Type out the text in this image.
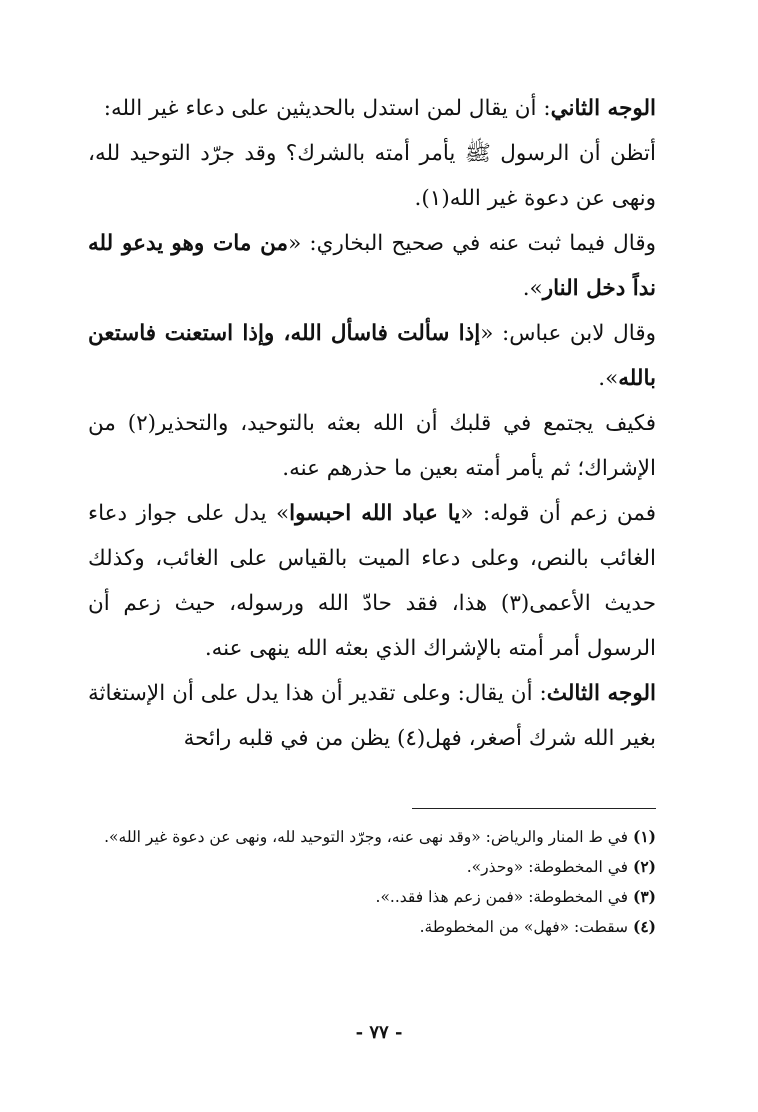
الوجه الثاني: أن يقال لمن استدل بالحديثين على دعاء غير الله:

أتظن أن الرسول ﷺ يأمر أمته بالشرك؟ وقد جرّد التوحيد لله، ونهى عن دعوة غير الله(١).

وقال فيما ثبت عنه في صحيح البخاري: «من مات وهو يدعو لله نداً دخل النار».

وقال لابن عباس: «إذا سألت فاسأل الله، وإذا استعنت فاستعن بالله».

فكيف يجتمع في قلبك أن الله بعثه بالتوحيد، والتحذير(٢) من الإشراك؛ ثم يأمر أمته بعين ما حذرهم عنه.

فمن زعم أن قوله: «يا عباد الله احبسوا» يدل على جواز دعاء الغائب بالنص، وعلى دعاء الميت بالقياس على الغائب، وكذلك حديث الأعمى(٣) هذا، فقد حادّ الله ورسوله، حيث زعم أن الرسول أمر أمته بالإشراك الذي بعثه الله ينهى عنه.

الوجه الثالث: أن يقال: وعلى تقدير أن هذا يدل على أن الإستغاثة بغير الله شرك أصغر، فهل(٤) يظن من في قلبه رائحة

(١) في ط المنار والرياض: «وقد نهى عنه، وجرّد التوحيد لله، ونهى عن دعوة غير الله».

(٢) في المخطوطة: «وحذر».

(٣) في المخطوطة: «فمن زعم هذا فقد..».

(٤) سقطت: «فهل» من المخطوطة.

- ٧٧ -
